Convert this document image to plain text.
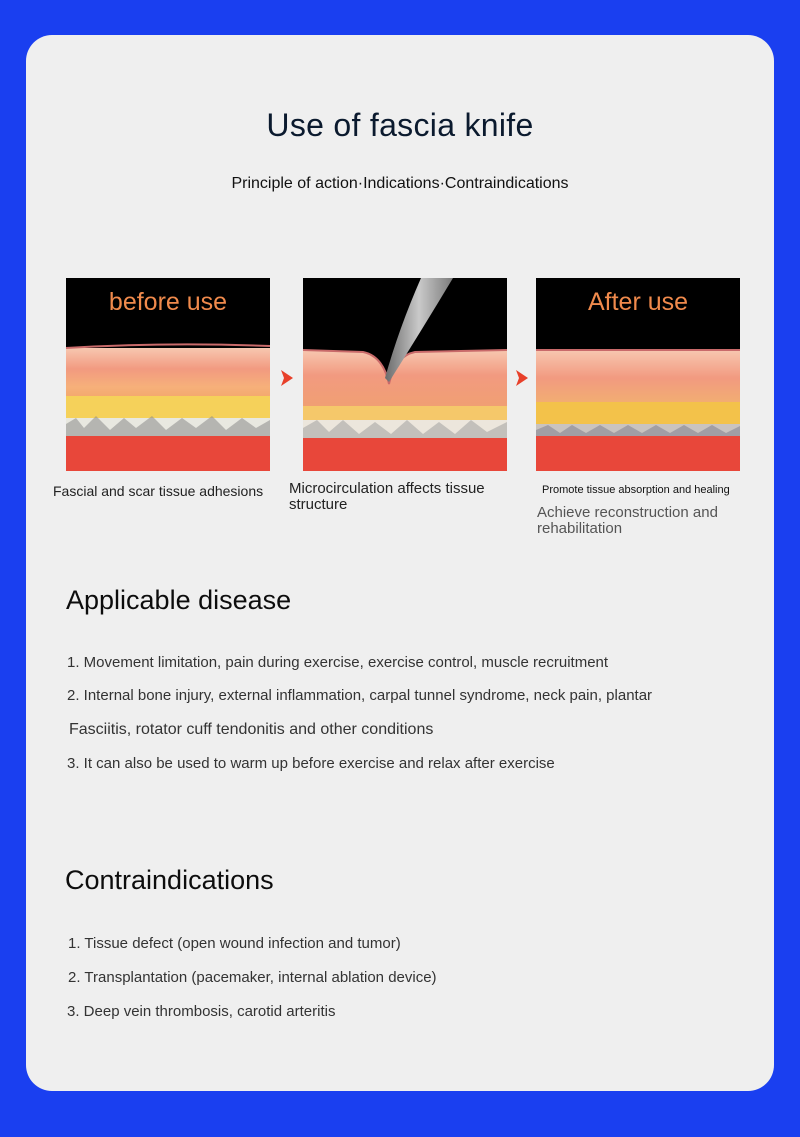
Use of fascia knife
Principle of action·Indications·Contraindications
before use	After use
Fascial and scar tissue adhesions Microcirculation affects tissue structure
Promote tissue absorption and healing
Achieve reconstruction and rehabilitation
Applicable disease
1. Movement limitation, pain during exercise, exercise control, muscle recruitment
2. Internal bone injury, external inflammation, carpal tunnel syndrome, neck pain, plantar
Fasciitis, rotator cuff tendonitis and other conditions
3. It can also be used to warm up before exercise and relax after exercise
Contraindications
1. Tissue defect (open wound infection and tumor)
2. Transplantation (pacemaker, internal ablation device)
3. Deep vein thrombosis, carotid arteritis
